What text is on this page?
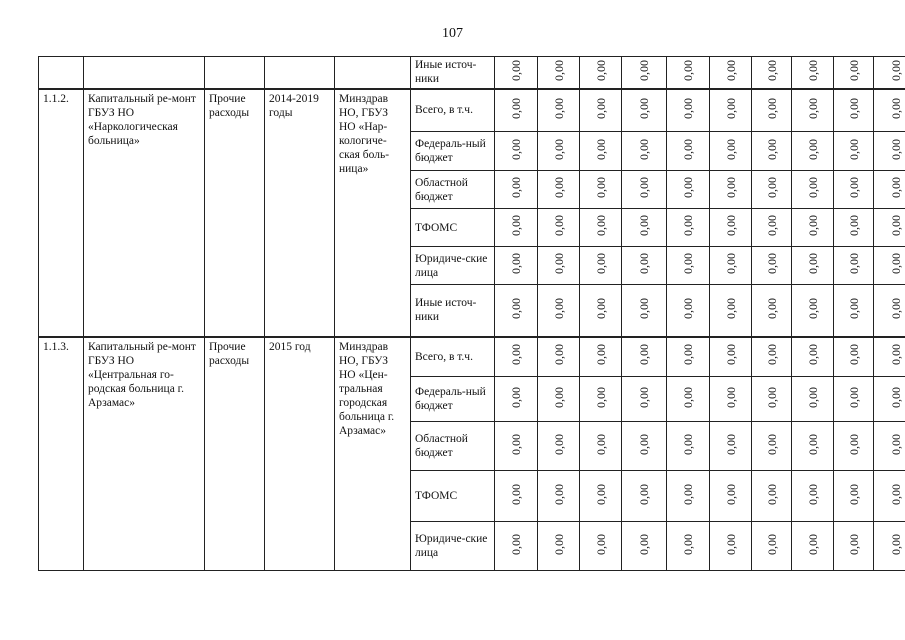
107
					Иные источ-ники	0,00	0,00	0,00	0,00	0,00	0,00	0,00	0,00	0,00	0,00
1.1.2.	Капитальный ре-монт ГБУЗ НО «Наркологическая больница»	Прочие расходы	2014-2019 годы	Минздрав НО, ГБУЗ НО «Нар-кологиче-ская боль-ница»	Всего, в т.ч.	0,00	0,00	0,00	0,00	0,00	0,00	0,00	0,00	0,00	0,00
					Федераль-ный бюджет	0,00	0,00	0,00	0,00	0,00	0,00	0,00	0,00	0,00	0,00
					Областной бюджет	0,00	0,00	0,00	0,00	0,00	0,00	0,00	0,00	0,00	0,00
					ТФОМС	0,00	0,00	0,00	0,00	0,00	0,00	0,00	0,00	0,00	0,00
					Юридиче-ские лица	0,00	0,00	0,00	0,00	0,00	0,00	0,00	0,00	0,00	0,00
					Иные источ-ники	0,00	0,00	0,00	0,00	0,00	0,00	0,00	0,00	0,00	0,00
1.1.3.	Капитальный ре-монт ГБУЗ НО «Центральная го-родская больница г. Арзамас»	Прочие расходы	2015 год	Минздрав НО, ГБУЗ НО «Цен-тральная городская больница г. Арзамас»	Всего, в т.ч.	0,00	0,00	0,00	0,00	0,00	0,00	0,00	0,00	0,00	0,00
					Федераль-ный бюджет	0,00	0,00	0,00	0,00	0,00	0,00	0,00	0,00	0,00	0,00
					Областной бюджет	0,00	0,00	0,00	0,00	0,00	0,00	0,00	0,00	0,00	0,00
					ТФОМС	0,00	0,00	0,00	0,00	0,00	0,00	0,00	0,00	0,00	0,00
					Юридиче-ские лица	0,00	0,00	0,00	0,00	0,00	0,00	0,00	0,00	0,00	0,00
